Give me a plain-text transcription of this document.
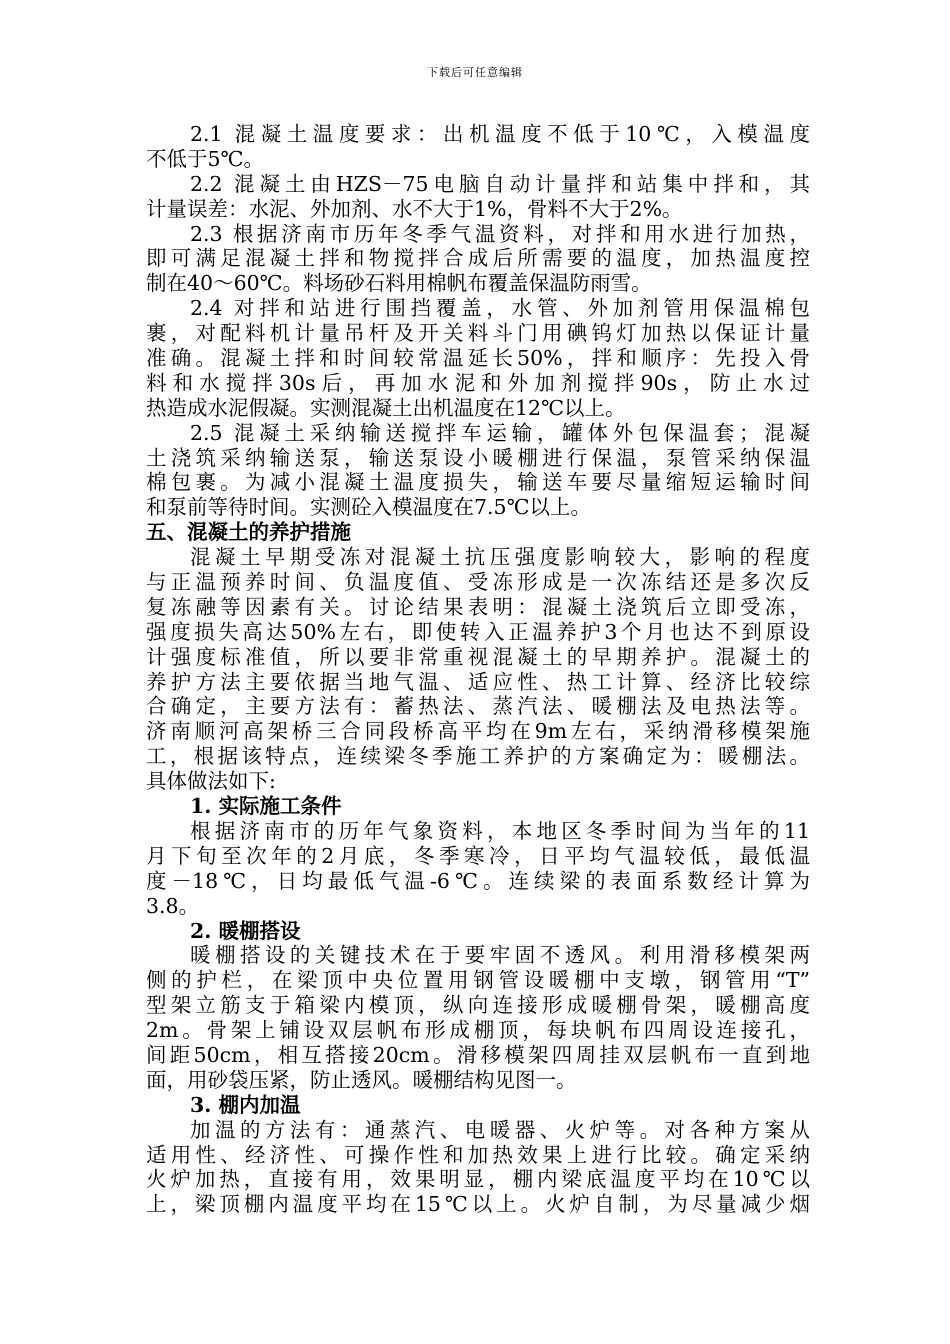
下载后可任意编辑
2.1 混凝土温度要求：出机温度不低于10℃，入模温度
不低于5℃。
2.2 混凝土由HZS－75电脑自动计量拌和站集中拌和，其
计量误差：水泥、外加剂、水不大于1%，骨料不大于2%。
2.3 根据济南市历年冬季气温资料，对拌和用水进行加热，
即可满足混凝土拌和物搅拌合成后所需要的温度，加热温度控
制在40～60℃。料场砂石料用棉帆布覆盖保温防雨雪。
2.4 对拌和站进行围挡覆盖，水管、外加剂管用保温棉包
裹，对配料机计量吊杆及开关料斗门用碘钨灯加热以保证计量
准确。混凝土拌和时间较常温延长50%，拌和顺序：先投入骨
料和水搅拌30s后，再加水泥和外加剂搅拌90s，防止水过
热造成水泥假凝。实测混凝土出机温度在12℃以上。
2.5 混凝土采纳输送搅拌车运输，罐体外包保温套；混凝
土浇筑采纳输送泵，输送泵设小暖棚进行保温，泵管采纳保温
棉包裹。为减小混凝土温度损失，输送车要尽量缩短运输时间
和泵前等待时间。实测砼入模温度在7.5℃以上。
五、混凝土的养护措施
混凝土早期受冻对混凝土抗压强度影响较大，影响的程度
与正温预养时间、负温度值、受冻形成是一次冻结还是多次反
复冻融等因素有关。讨论结果表明：混凝土浇筑后立即受冻，
强度损失高达50%左右，即使转入正温养护3个月也达不到原设
计强度标准值，所以要非常重视混凝土的早期养护。混凝土的
养护方法主要依据当地气温、适应性、热工计算、经济比较综
合确定，主要方法有：蓄热法、蒸汽法、暖棚法及电热法等。
济南顺河高架桥三合同段桥高平均在9m左右，采纳滑移模架施
工，根据该特点，连续梁冬季施工养护的方案确定为：暖棚法。
具体做法如下:
1. 实际施工条件
根据济南市的历年气象资料，本地区冬季时间为当年的11
月下旬至次年的2月底，冬季寒冷，日平均气温较低，最低温
度－18℃，日均最低气温-6℃。连续梁的表面系数经计算为
3.8。
2. 暖棚搭设
暖棚搭设的关键技术在于要牢固不透风。利用滑移模架两
侧的护栏，在梁顶中央位置用钢管设暖棚中支墩，钢管用“T”
型架立筋支于箱梁内模顶，纵向连接形成暖棚骨架，暖棚高度
2m。骨架上铺设双层帆布形成棚顶，每块帆布四周设连接孔，
间距50cm，相互搭接20cm。滑移模架四周挂双层帆布一直到地
面，用砂袋压紧，防止透风。暖棚结构见图一。
3. 棚内加温
加温的方法有：通蒸汽、电暖器、火炉等。对各种方案从
适用性、经济性、可操作性和加热效果上进行比较。确定采纳
火炉加热，直接有用，效果明显，棚内梁底温度平均在10℃以
上，梁顶棚内温度平均在15℃以上。火炉自制，为尽量减少烟
